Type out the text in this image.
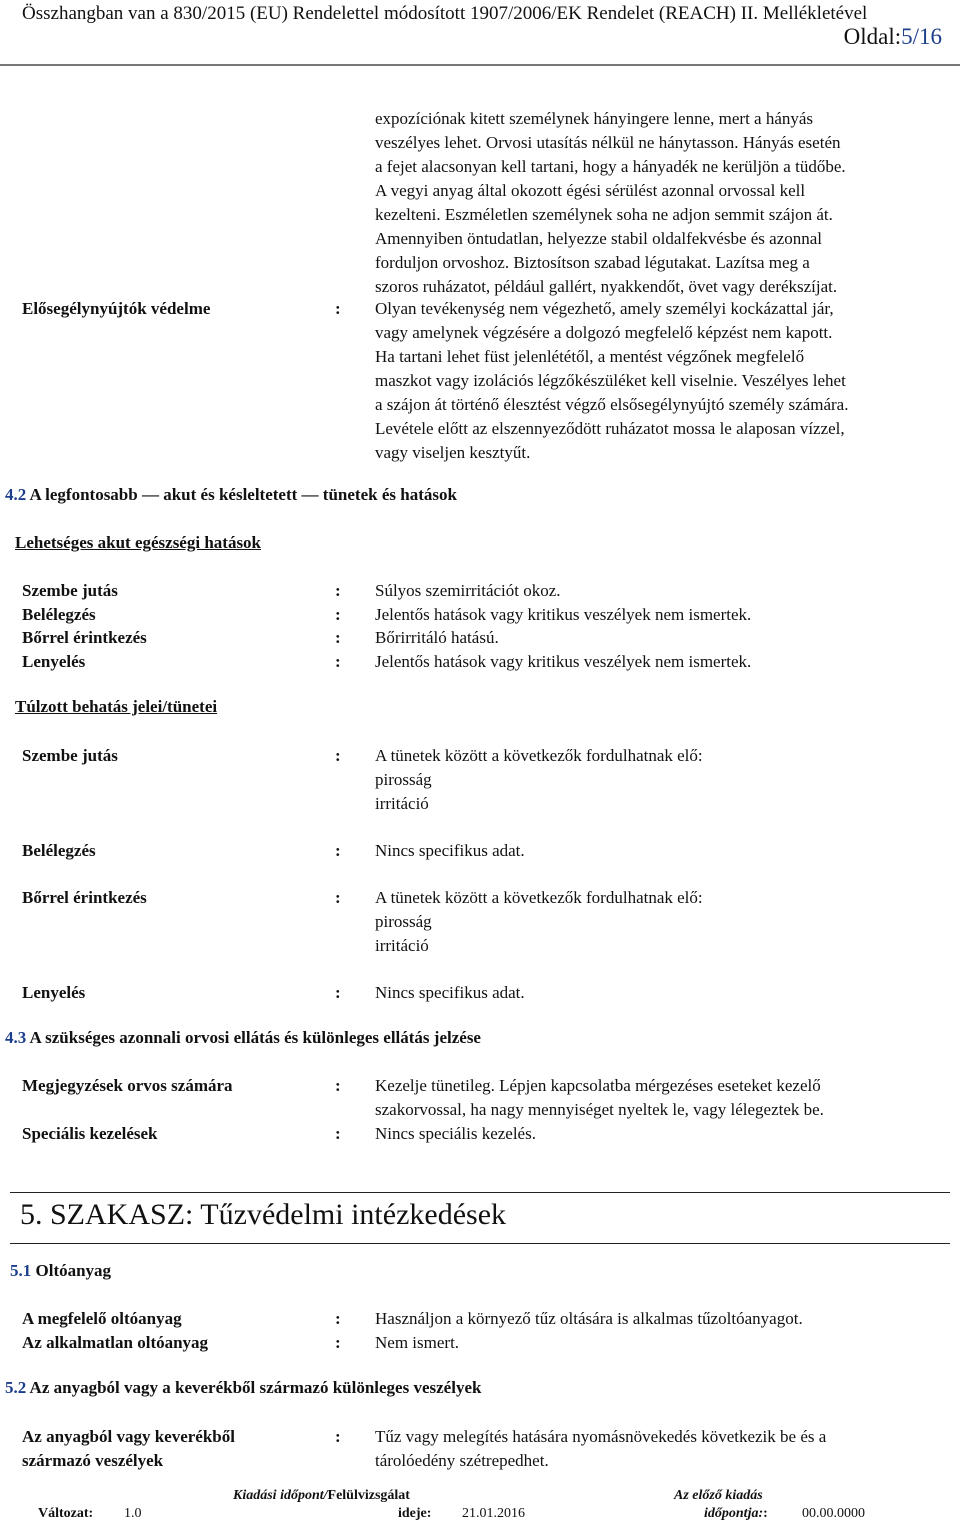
Összhangban van a 830/2015 (EU) Rendelettel módosított 1907/2006/EK Rendelet (REACH) II. Mellékletével
Oldal:5/16
expozíciónak kitett személynek hányingere lenne, mert a hányás
veszélyes lehet. Orvosi utasítás nélkül ne hánytasson. Hányás esetén
a fejet alacsonyan kell tartani, hogy a hányadék ne kerüljön a tüdőbe.
A vegyi anyag által okozott égési sérülést azonnal orvossal kell
kezelteni. Eszméletlen személynek soha ne adjon semmit szájon át.
Amennyiben öntudatlan, helyezze stabil oldalfekvésbe és azonnal
forduljon orvoshoz. Biztosítson szabad légutakat. Lazítsa meg a
szoros ruházatot, például gallért, nyakkendőt, övet vagy derékszíjat.
Elősegélynyújtók védelme	: Olyan tevékenység nem végezhető, amely személyi kockázattal jár,
vagy amelynek végzésére a dolgozó megfelelő képzést nem kapott.
Ha tartani lehet füst jelenlététől, a mentést végzőnek megfelelő
maszkot vagy izolációs légzőkészüléket kell viselnie. Veszélyes lehet
a szájon át történő élesztést végző elsősegélynyújtó személy számára.
Levétele előtt az elszennyeződött ruházatot mossa le alaposan vízzel,
vagy viseljen kesztyűt.
4.2 A legfontosabb — akut és késleltetett — tünetek és hatások
Lehetséges akut egészségi hatások
Szembe jutás	: Súlyos szemirritációt okoz.
Belélegzés	: Jelentős hatások vagy kritikus veszélyek nem ismertek.
Bőrrel érintkezés	: Bőrirritáló hatású.
Lenyelés	: Jelentős hatások vagy kritikus veszélyek nem ismertek.
Túlzott behatás jelei/tünetei
Szembe jutás	: A tünetek között a következők fordulhatnak elő:
pirosság
irritáció
Belélegzés	: Nincs specifikus adat.
Bőrrel érintkezés	: A tünetek között a következők fordulhatnak elő:
pirosság
irritáció
Lenyelés	: Nincs specifikus adat.
4.3 A szükséges azonnali orvosi ellátás és különleges ellátás jelzése
Megjegyzések orvos számára	: Kezelje tünetileg. Lépjen kapcsolatba mérgezéses eseteket kezelő
szakorvossal, ha nagy mennyiséget nyeltek le, vagy lélegeztek be.
Speciális kezelések	: Nincs speciális kezelés.
5. SZAKASZ: Tűzvédelmi intézkedések
5.1 Oltóanyag
A megfelelő oltóanyag	: Használjon a környező tűz oltására is alkalmas tűzoltóanyagot.
Az alkalmatlan oltóanyag	: Nem ismert.
5.2 Az anyagból vagy a keverékből származó különleges veszélyek
Az anyagból vagy keverékből
származó veszélyek
: Tűz vagy melegítés hatására nyomásnövekedés következik be és a
tárolóedény szétrepedhet.
Változat: 1.0
Kiadási időpont/Felülvizsgálat
ideje: 21.01.2016
Az előző kiadás
időpontja:: 00.00.0000
